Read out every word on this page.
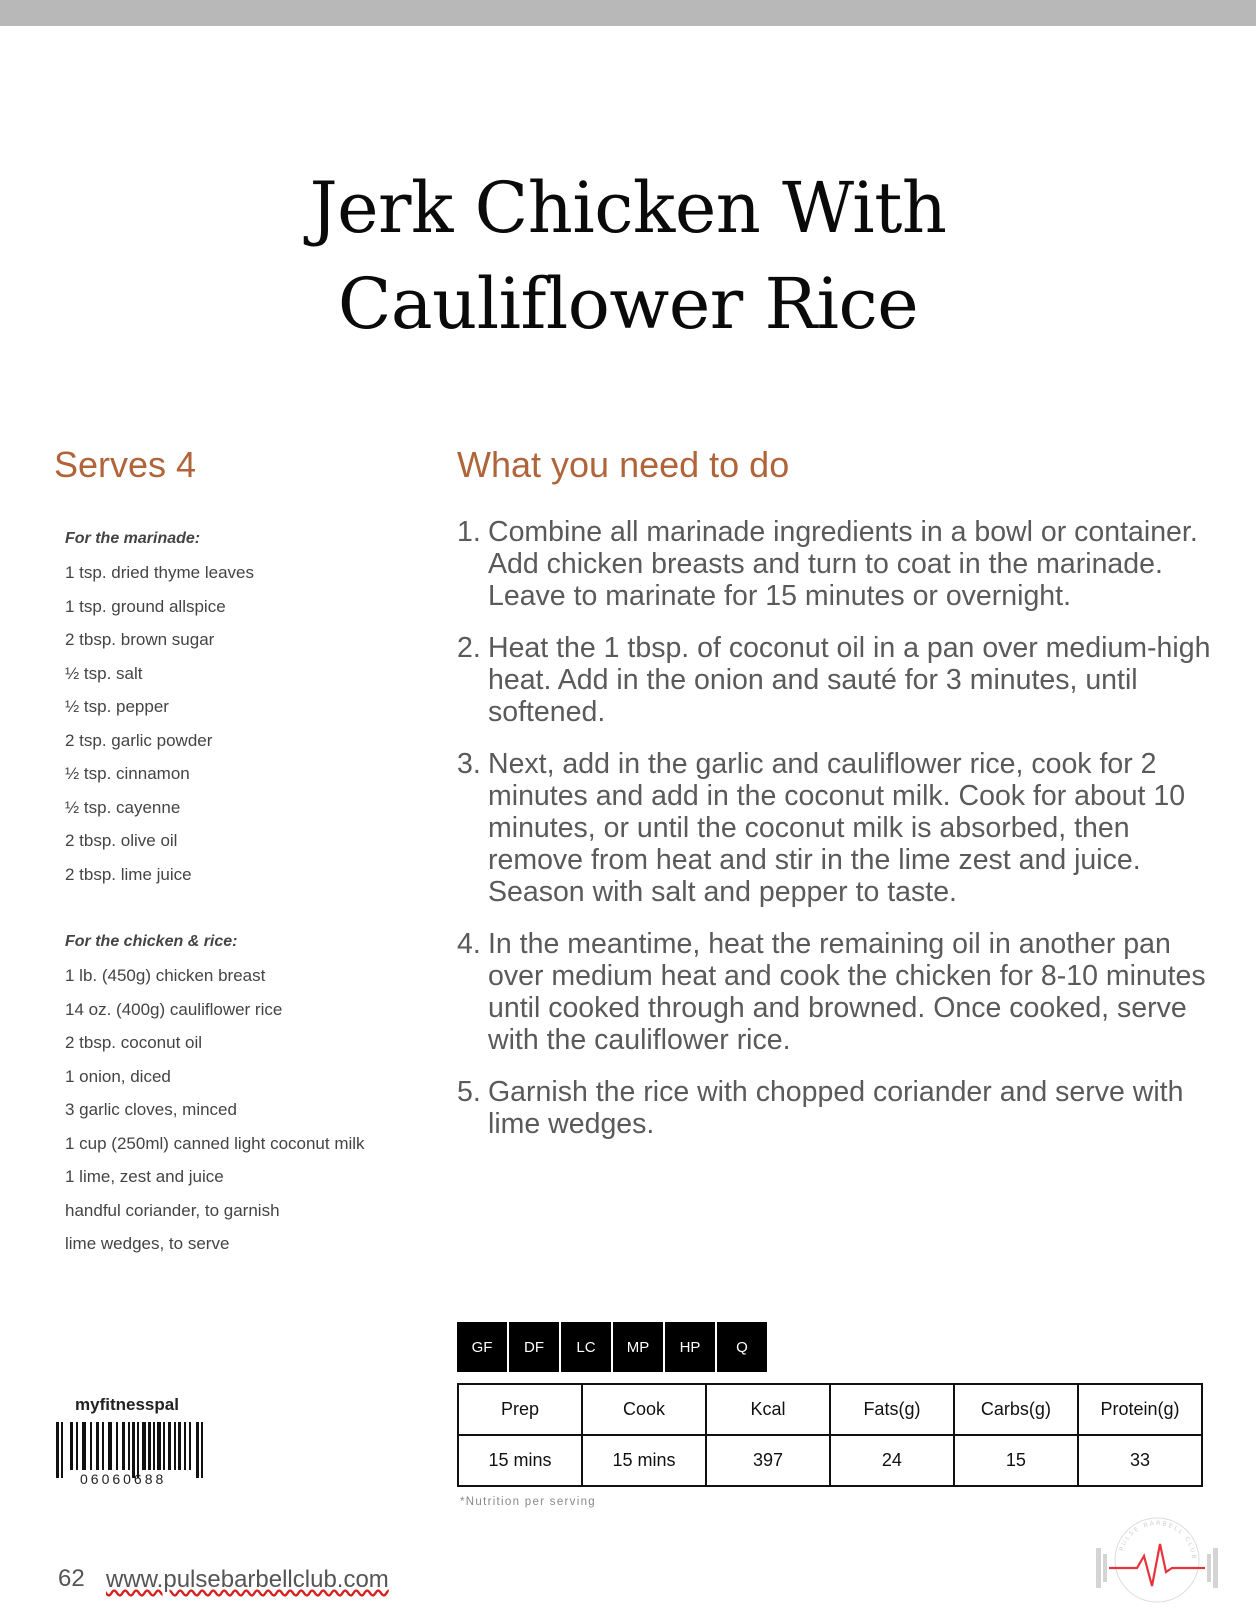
Jerk Chicken With
Cauliflower Rice
Serves 4	What you need to do
For the marinade:
1 tsp. dried thyme leaves
1 tsp. ground allspice
2 tbsp. brown sugar
½ tsp. salt
½ tsp. pepper
2 tsp. garlic powder
½ tsp. cinnamon
½ tsp. cayenne
2 tbsp. olive oil
2 tbsp. lime juice
For the chicken & rice:
1 lb. (450g) chicken breast
14 oz. (400g) cauliflower rice
2 tbsp. coconut oil
1 onion, diced
3 garlic cloves, minced
1 cup (250ml) canned light coconut milk
1 lime, zest and juice
handful coriander, to garnish
lime wedges, to serve
1. Combine all marinade ingredients in a bowl or container. Add chicken breasts and turn to coat in the marinade. Leave to marinate for 15 minutes or overnight.
2. Heat the 1 tbsp. of coconut oil in a pan over medium-high heat. Add in the onion and sauté for 3 minutes, until softened.
3. Next, add in the garlic and cauliflower rice, cook for 2 minutes and add in the coconut milk. Cook for about 10 minutes, or until the coconut milk is absorbed, then remove from heat and stir in the lime zest and juice. Season with salt and pepper to taste.
4. In the meantime, heat the remaining oil in another pan over medium heat and cook the chicken for 8-10 minutes until cooked through and browned. Once cooked, serve with the cauliflower rice.
5. Garnish the rice with chopped coriander and serve with lime wedges.
GF	DF	LC	MP	HP	Q
Prep	Cook	Kcal	Fats(g)	Carbs(g)	Protein(g)
15 mins	15 mins	397	24	15	33
*Nutrition per serving
myfitnesspal
06060688
62 www.pulsebarbellclub.com
PULSE BARBELL CLUB
